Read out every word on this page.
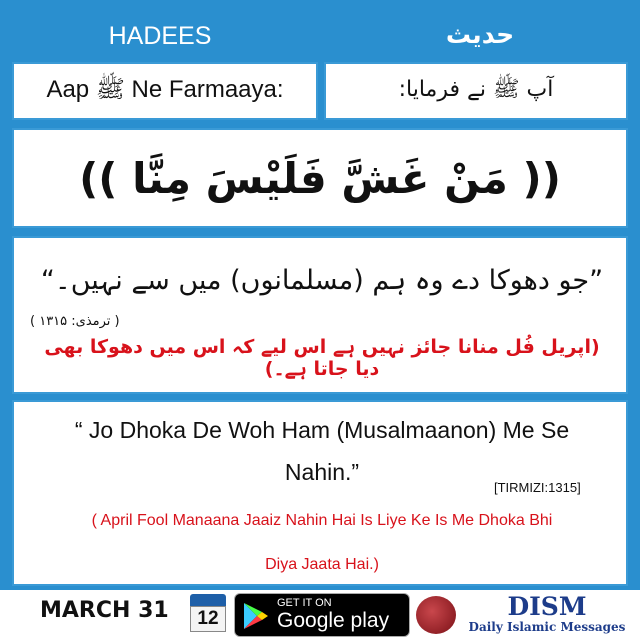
HADEES	حدیث
Aap ﷺ Ne Farmaaya:	آپ ﷺ نے فرمایا:
(( مَنْ غَشَّ فَلَيْسَ مِنَّا ))
”جو دھوکا دے وہ ہم (مسلمانوں) میں سے نہیں۔“
( ترمذی: ۱۳۱۵ )
(اپریل فُل منانا جائز نہیں ہے اس لیے کہ اس میں دھوکا بھی دیا جاتا ہے۔)
“ Jo Dhoka De Woh Ham (Musalmaanon) Me Se
Nahin.”
[TIRMIZI:1315]
( April Fool Manaana Jaaiz Nahin Hai Is Liye Ke Is Me Dhoka Bhi
Diya Jaata Hai.)
MARCH 31	12
GET IT ON
Google play	DISM
Daily Islamic Messages
